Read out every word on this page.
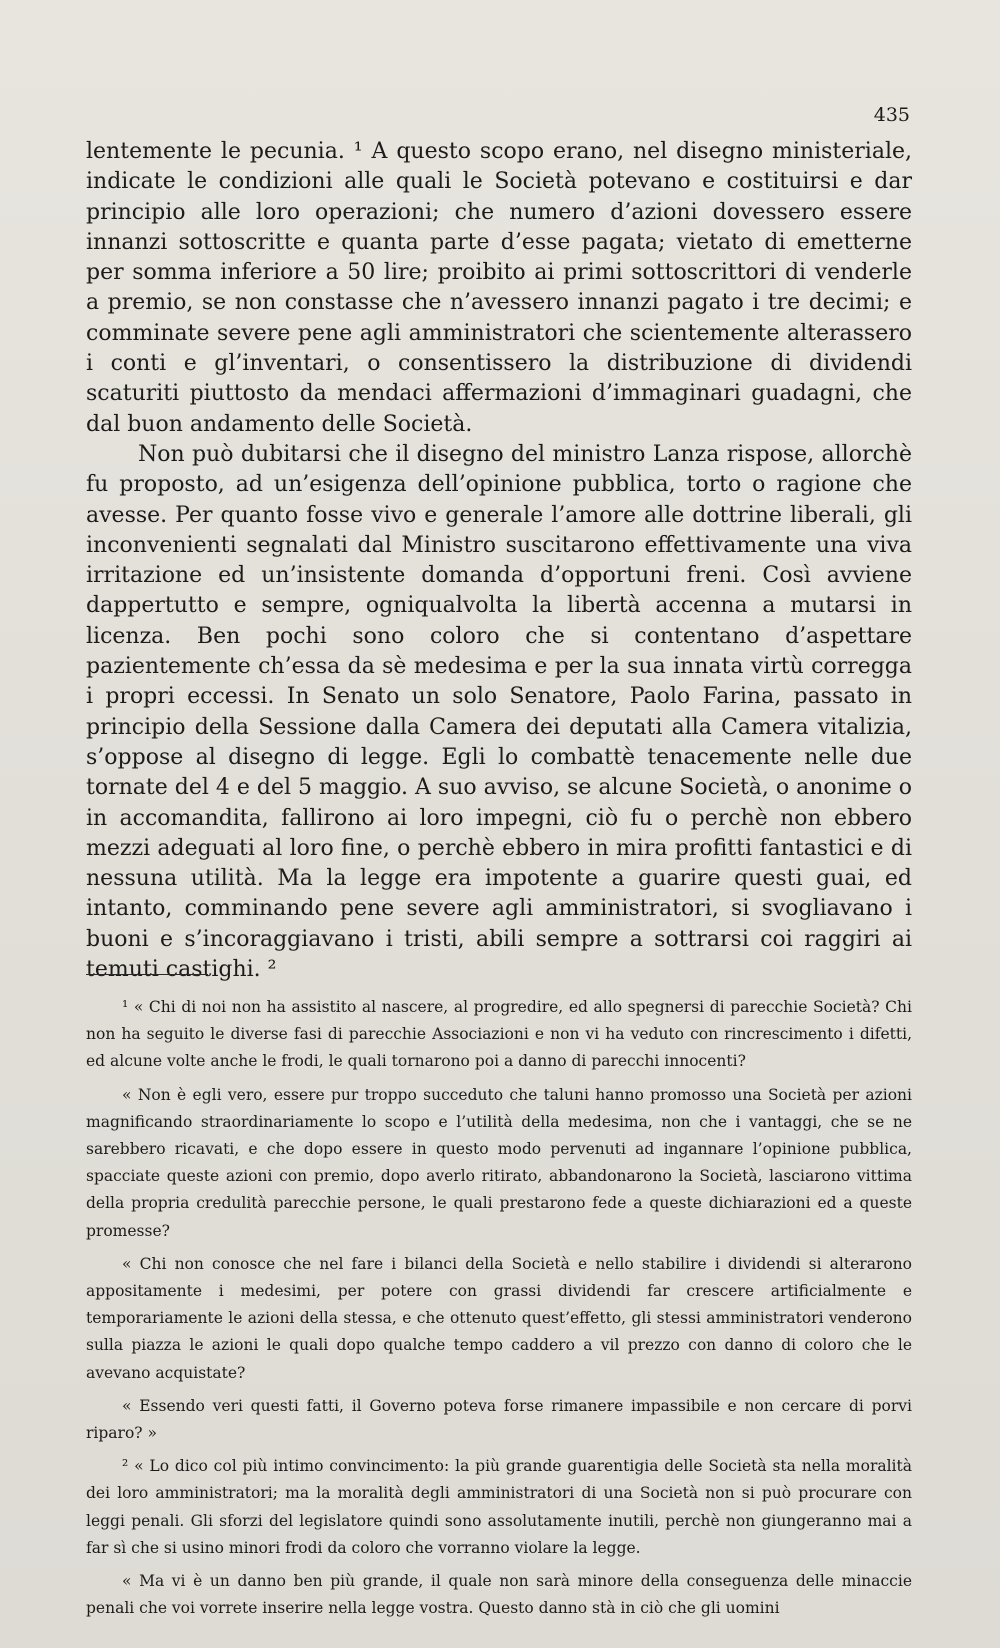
435

lentemente le pecunia. ¹ A questo scopo erano, nel disegno ministeriale, indicate le condizioni alle quali le Società potevano e costituirsi e dar principio alle loro operazioni; che numero d’azioni dovessero essere innanzi sottoscritte e quanta parte d’esse pagata; vietato di emetterne per somma inferiore a 50 lire; proibito ai primi sottoscrittori di venderle a premio, se non constasse che n’avessero innanzi pagato i tre decimi; e comminate severe pene agli amministratori che scientemente alterassero i conti e gl’inventari, o consentissero la distribuzione di dividendi scaturiti piuttosto da mendaci affermazioni d’immaginari guadagni, che dal buon andamento delle Società.

Non può dubitarsi che il disegno del ministro Lanza rispose, allorchè fu proposto, ad un’esigenza dell’opinione pubblica, torto o ragione che avesse. Per quanto fosse vivo e generale l’amore alle dottrine liberali, gli inconvenienti segnalati dal Ministro suscitarono effettivamente una viva irritazione ed un’insistente domanda d’opportuni freni. Così avviene dappertutto e sempre, ogniqualvolta la libertà accenna a mutarsi in licenza. Ben pochi sono coloro che si contentano d’aspettare pazientemente ch’essa da sè medesima e per la sua innata virtù corregga i propri eccessi. In Senato un solo Senatore, Paolo Farina, passato in principio della Sessione dalla Camera dei deputati alla Camera vitalizia, s’oppose al disegno di legge. Egli lo combattè tenacemente nelle due tornate del 4 e del 5 maggio. A suo avviso, se alcune Società, o anonime o in accomandita, fallirono ai loro impegni, ciò fu o perchè non ebbero mezzi adeguati al loro fine, o perchè ebbero in mira profitti fantastici e di nessuna utilità. Ma la legge era impotente a guarire questi guai, ed intanto, comminando pene severe agli amministratori, si svogliavano i buoni e s’incoraggiavano i tristi, abili sempre a sottrarsi coi raggiri ai temuti castighi. ²

¹ « Chi di noi non ha assistito al nascere, al progredire, ed allo spegnersi di parecchie Società? Chi non ha seguito le diverse fasi di parecchie Associazioni e non vi ha veduto con rincrescimento i difetti, ed alcune volte anche le frodi, le quali tornarono poi a danno di parecchi innocenti?

« Non è egli vero, essere pur troppo succeduto che taluni hanno promosso una Società per azioni magnificando straordinariamente lo scopo e l’utilità della medesima, non che i vantaggi, che se ne sarebbero ricavati, e che dopo essere in questo modo pervenuti ad ingannare l’opinione pubblica, spacciate queste azioni con premio, dopo averlo ritirato, abbandonarono la Società, lasciarono vittima della propria credulità parecchie persone, le quali prestarono fede a queste dichiarazioni ed a queste promesse?

« Chi non conosce che nel fare i bilanci della Società e nello stabilire i dividendi si alterarono appositamente i medesimi, per potere con grassi dividendi far crescere artificialmente e temporariamente le azioni della stessa, e che ottenuto quest’effetto, gli stessi amministratori venderono sulla piazza le azioni le quali dopo qualche tempo caddero a vil prezzo con danno di coloro che le avevano acquistate?

« Essendo veri questi fatti, il Governo poteva forse rimanere impassibile e non cercare di porvi riparo? »

² « Lo dico col più intimo convincimento: la più grande guarentigia delle Società sta nella moralità dei loro amministratori; ma la moralità degli amministratori di una Società non si può procurare con leggi penali. Gli sforzi del legislatore quindi sono assolutamente inutili, perchè non giungeranno mai a far sì che si usino minori frodi da coloro che vorranno violare la legge.

« Ma vi è un danno ben più grande, il quale non sarà minore della conseguenza delle minaccie penali che voi vorrete inserire nella legge vostra. Questo danno stà in ciò che gli uomini
